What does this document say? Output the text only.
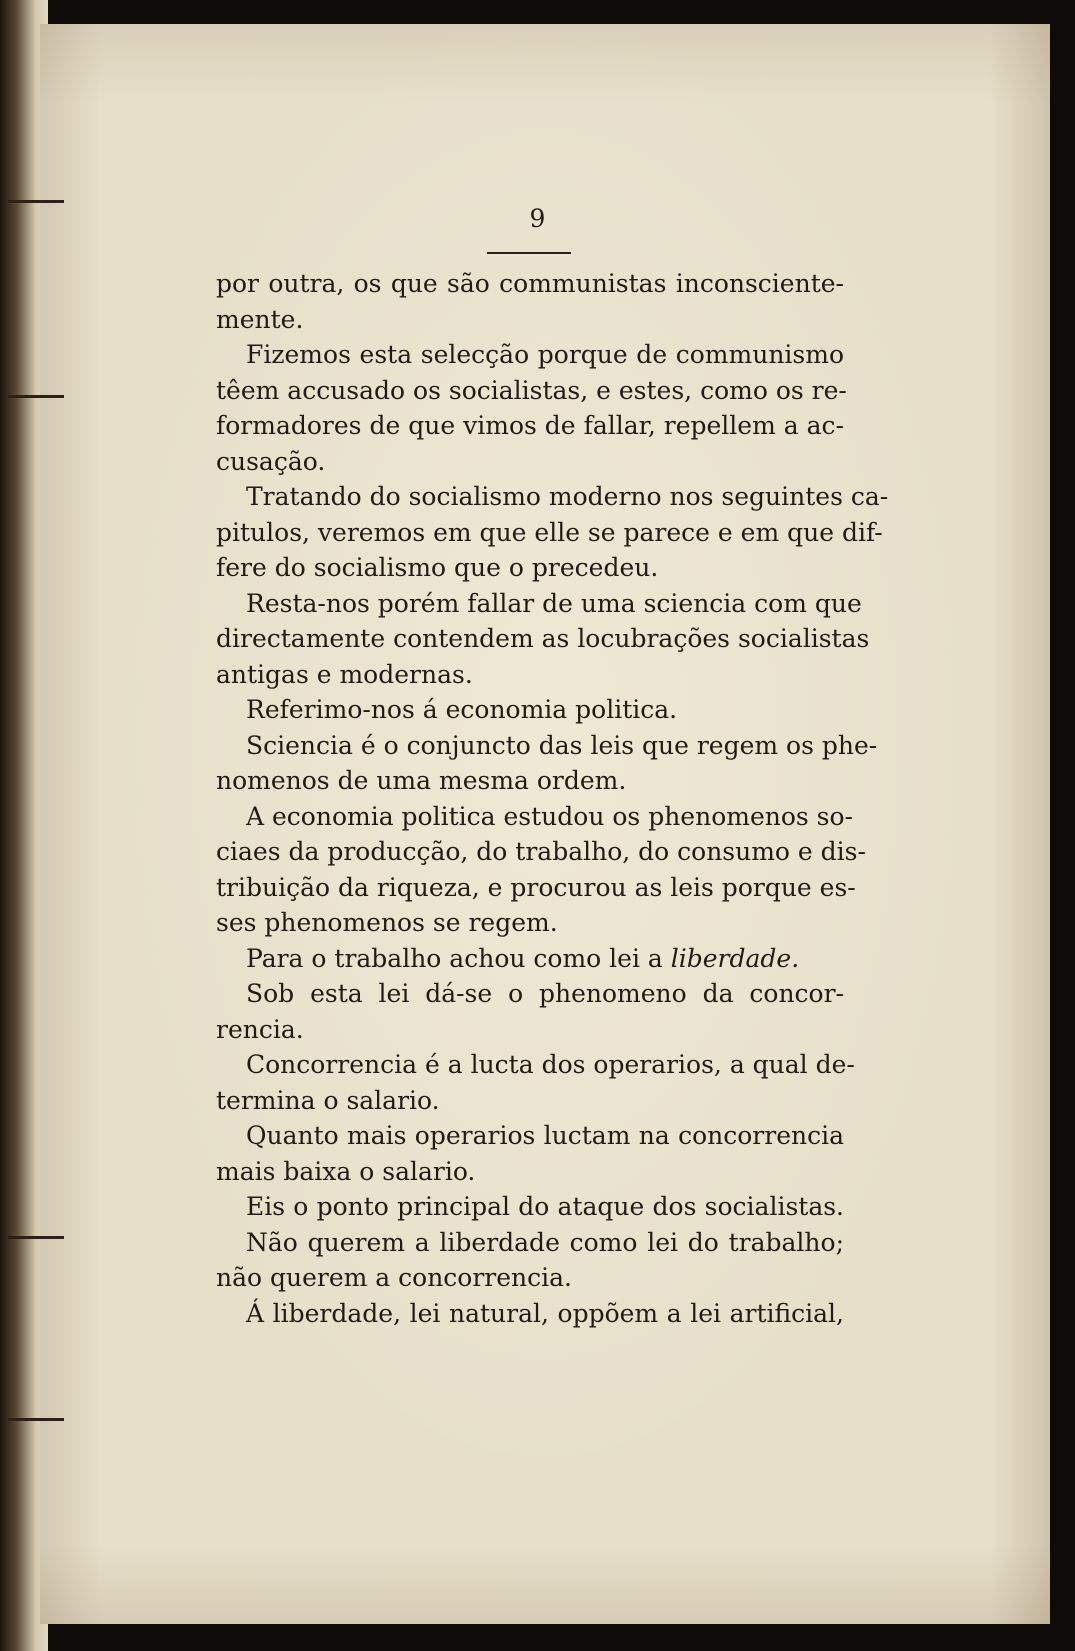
9
por outra, os que são communistas inconsciente-
mente.
Fizemos esta selecção porque de communismo
têem accusado os socialistas, e estes, como os re-
formadores de que vimos de fallar, repellem a ac-
cusação.
Tratando do socialismo moderno nos seguintes ca-
pitulos, veremos em que elle se parece e em que dif-
fere do socialismo que o precedeu.
Resta-nos porém fallar de uma sciencia com que
directamente contendem as locubrações socialistas
antigas e modernas.
Referimo-nos á economia politica.
Sciencia é o conjuncto das leis que regem os phe-
nomenos de uma mesma ordem.
A economia politica estudou os phenomenos so-
ciaes da producção, do trabalho, do consumo e dis-
tribuição da riqueza, e procurou as leis porque es-
ses phenomenos se regem.
Para o trabalho achou como lei a liberdade.
Sob esta lei dá-se o phenomeno da concor-
rencia.
Concorrencia é a lucta dos operarios, a qual de-
termina o salario.
Quanto mais operarios luctam na concorrencia
mais baixa o salario.
Eis o ponto principal do ataque dos socialistas.
Não querem a liberdade como lei do trabalho;
não querem a concorrencia.
Á liberdade, lei natural, oppõem a lei artificial,
